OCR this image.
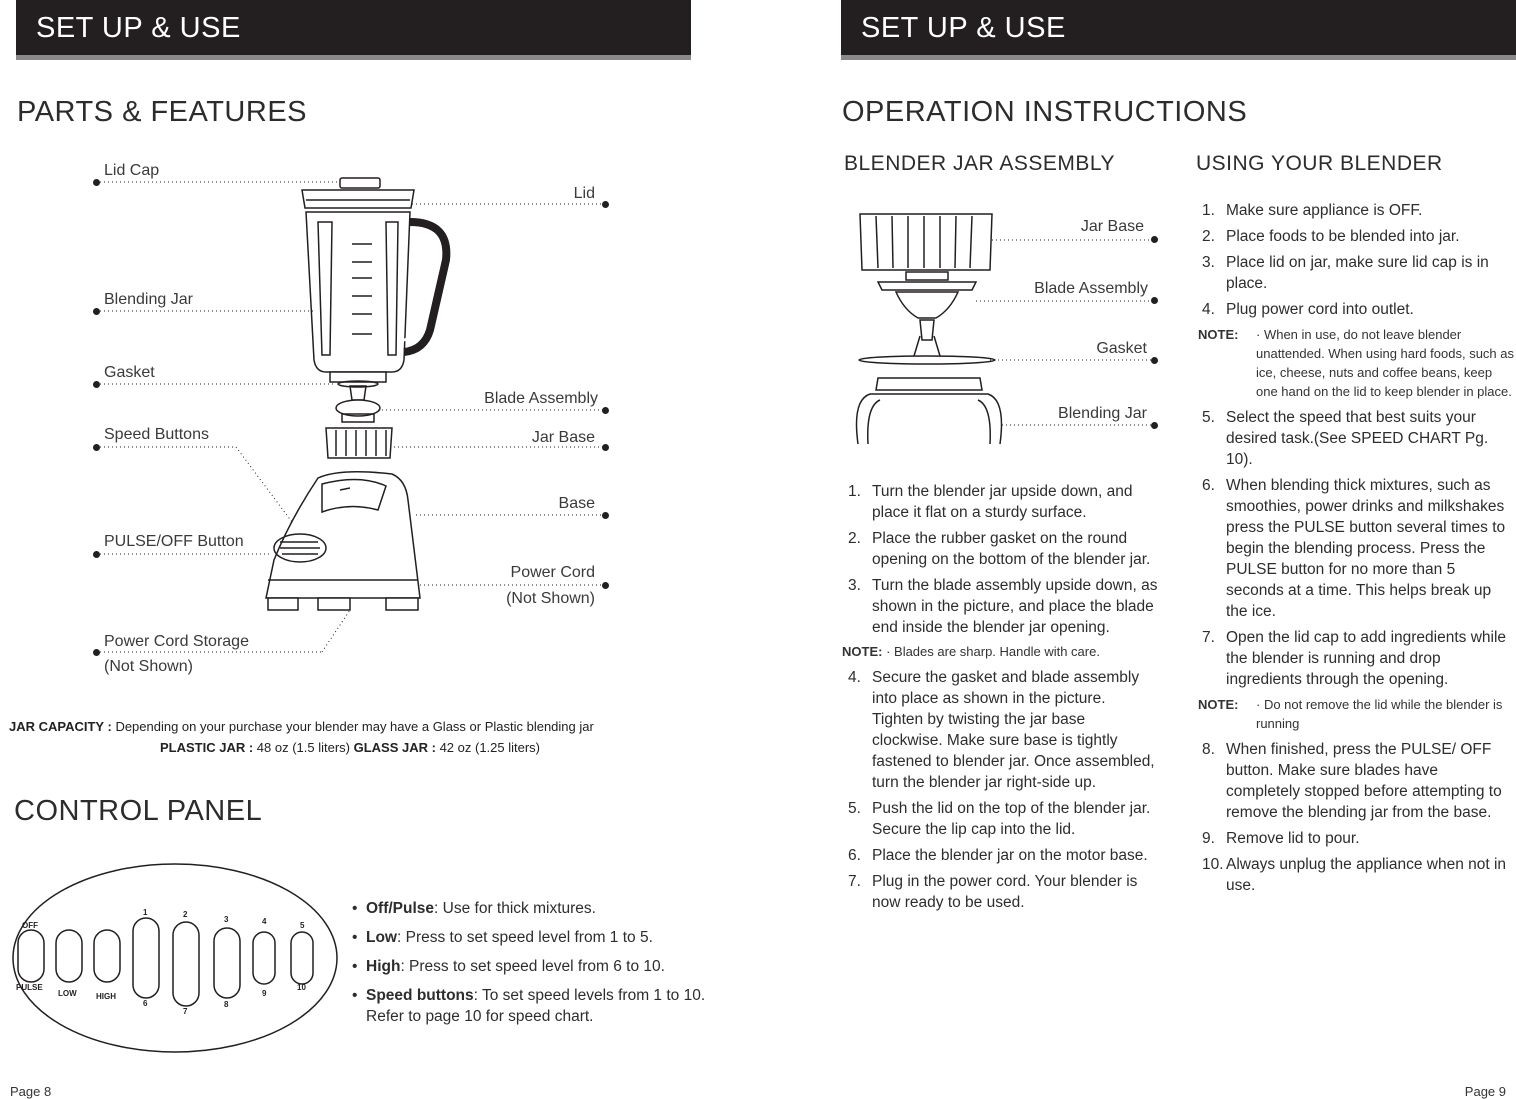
SET UP & USE
PARTS & FEATURES
Lid Cap
Lid
Blending Jar
Gasket
Blade Assembly
Speed Buttons	Jar Base
Base
PULSE/OFF Button
Power Cord
(Not Shown)
Power Cord Storage
(Not Shown)
JAR CAPACITY : Depending on your purchase your blender may have a Glass or Plastic blending jar
PLASTIC JAR : 48 oz (1.5 liters) GLASS JAR : 42 oz (1.25 liters)
CONTROL PANEL
OFF
PULSE
LOW HIGH
1	2
3	4	5
6
7
8
9
10
• Off/Pulse: Use for thick mixtures.
• Low: Press to set speed level from 1 to 5.
• High: Press to set speed level from 6 to 10.
• Speed buttons: To set speed levels from 1 to 10. Refer to page 10 for speed chart.
Page 8
SET UP & USE
OPERATION INSTRUCTIONS
BLENDER JAR ASSEMBLY	USING YOUR BLENDER
Jar Base
Blade Assembly
Gasket
Blending Jar
1. Turn the blender jar upside down, and place it flat on a sturdy surface.
2. Place the rubber gasket on the round opening on the bottom of the blender jar.
3. Turn the blade assembly upside down, as shown in the picture, and place the blade end inside the blender jar opening.
NOTE: · Blades are sharp. Handle with care.
4. Secure the gasket and blade assembly into place as shown in the picture. Tighten by twisting the jar base clockwise. Make sure base is tightly fastened to blender jar. Once assembled, turn the blender jar right-side up.
5. Push the lid on the top of the blender jar. Secure the lip cap into the lid.
6. Place the blender jar on the motor base.
7. Plug in the power cord. Your blender is now ready to be used.
1. Make sure appliance is OFF.
2. Place foods to be blended into jar.
3. Place lid on jar, make sure lid cap is in place.
4. Plug power cord into outlet.
NOTE: · When in use, do not leave blender unattended. When using hard foods, such as ice, cheese, nuts and coffee beans, keep one hand on the lid to keep blender in place.
5. Select the speed that best suits your desired task.(See SPEED CHART Pg. 10).
6. When blending thick mixtures, such as smoothies, power drinks and milkshakes press the PULSE button several times to begin the blending process. Press the PULSE button for no more than 5 seconds at a time. This helps break up the ice.
7. Open the lid cap to add ingredients while the blender is running and drop ingredients through the opening.
NOTE: · Do not remove the lid while the blender is running
8. When finished, press the PULSE/ OFF button. Make sure blades have completely stopped before attempting to remove the blending jar from the base.
9. Remove lid to pour.
10. Always unplug the appliance when not in use.
Page 9
